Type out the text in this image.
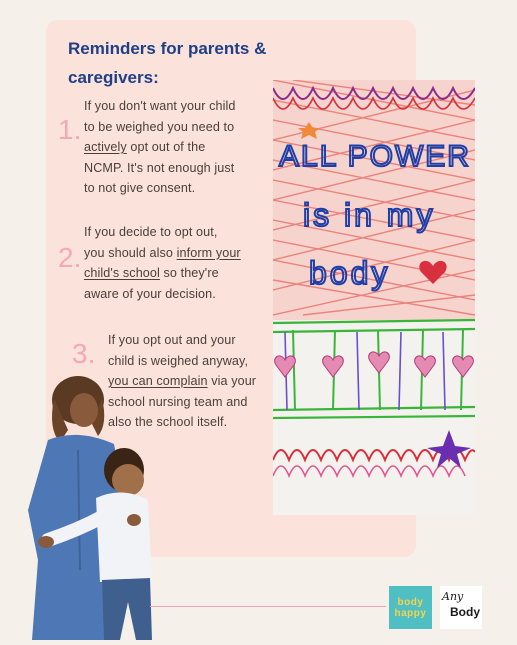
Reminders for parents & caregivers:
1.
If you don't want your child
to be weighed you need to
actively opt out of the
NCMP. It's not enough just
to not give consent.
2.
If you decide to opt out,
you should also inform your
child's school so they're
aware of your decision.
3. If you opt out and your
child is weighed anyway,
you can complain via your
school nursing team and
also the school itself.
ALL POWER
is in my
body
body
happy
Any
Body
